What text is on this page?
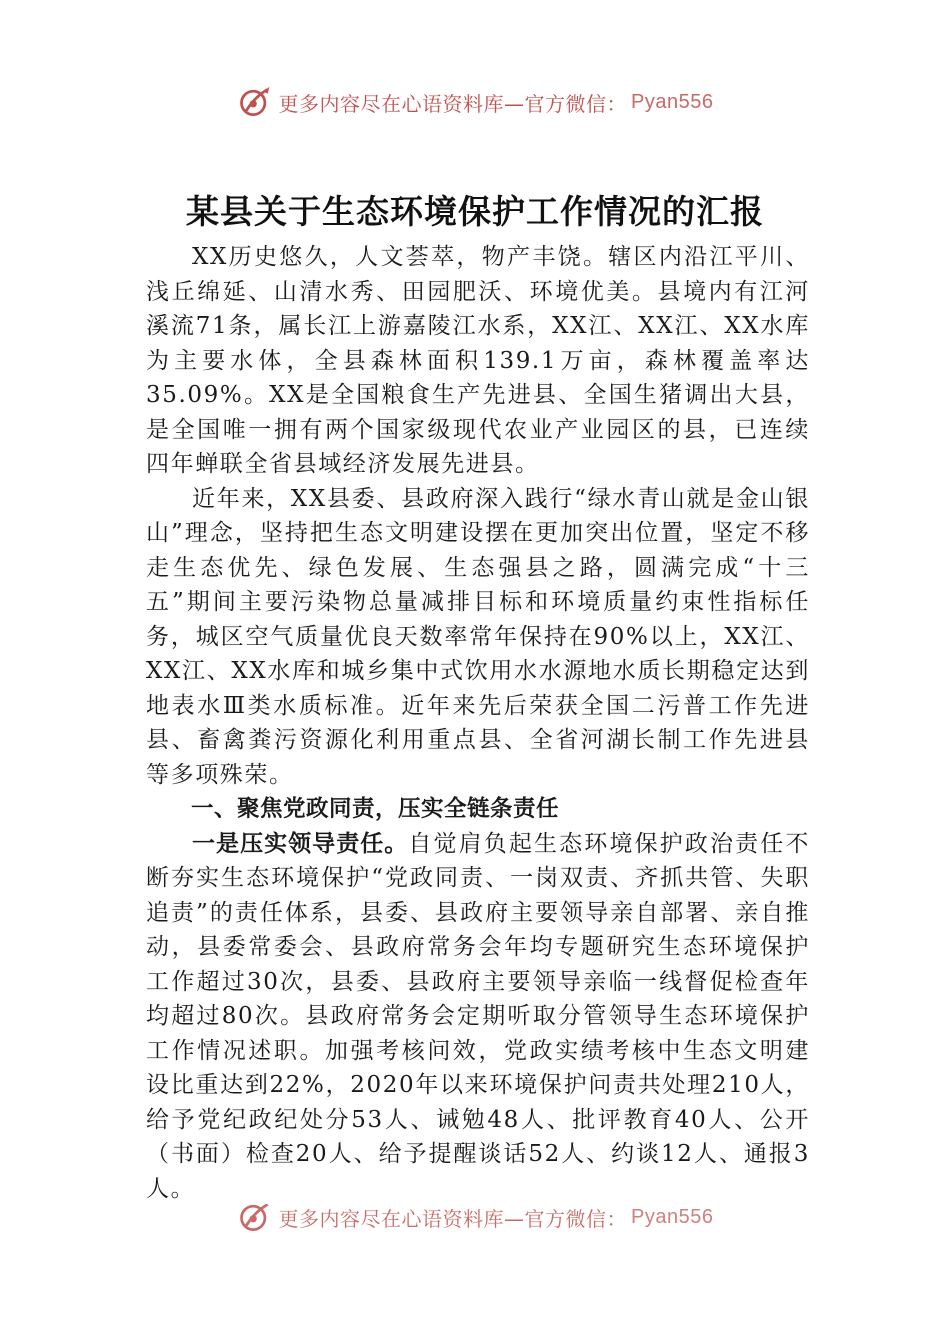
更多内容尽在心语资料库—官方微信： Pyan556
某县关于生态环境保护工作情况的汇报

XX历史悠久，人文荟萃，物产丰饶。辖区内沿江平川、浅丘绵延、山清水秀、田园肥沃、环境优美。县境内有江河溪流71条，属长江上游嘉陵江水系，XX江、XX江、XX水库为主要水体，全县森林面积139.1万亩，森林覆盖率达35.09%。XX是全国粮食生产先进县、全国生猪调出大县，是全国唯一拥有两个国家级现代农业产业园区的县，已连续四年蝉联全省县域经济发展先进县。

近年来，XX县委、县政府深入践行“绿水青山就是金山银山”理念，坚持把生态文明建设摆在更加突出位置，坚定不移走生态优先、绿色发展、生态强县之路，圆满完成“十三五”期间主要污染物总量减排目标和环境质量约束性指标任务，城区空气质量优良天数率常年保持在90%以上，XX江、XX江、XX水库和城乡集中式饮用水水源地水质长期稳定达到地表水Ⅲ类水质标准。近年来先后荣获全国二污普工作先进县、畜禽粪污资源化利用重点县、全省河湖长制工作先进县等多项殊荣。

一、聚焦党政同责，压实全链条责任

一是压实领导责任。自觉肩负起生态环境保护政治责任不断夯实生态环境保护“党政同责、一岗双责、齐抓共管、失职追责”的责任体系，县委、县政府主要领导亲自部署、亲自推动，县委常委会、县政府常务会年均专题研究生态环境保护工作超过30次，县委、县政府主要领导亲临一线督促检查年均超过80次。县政府常务会定期听取分管领导生态环境保护工作情况述职。加强考核问效，党政实绩考核中生态文明建设比重达到22%，2020年以来环境保护问责共处理210人，给予党纪政纪处分53人、诫勉48人、批评教育40人、公开（书面）检查20人、给予提醒谈话52人、约谈12人、通报3人。

更多内容尽在心语资料库—官方微信： Pyan556
